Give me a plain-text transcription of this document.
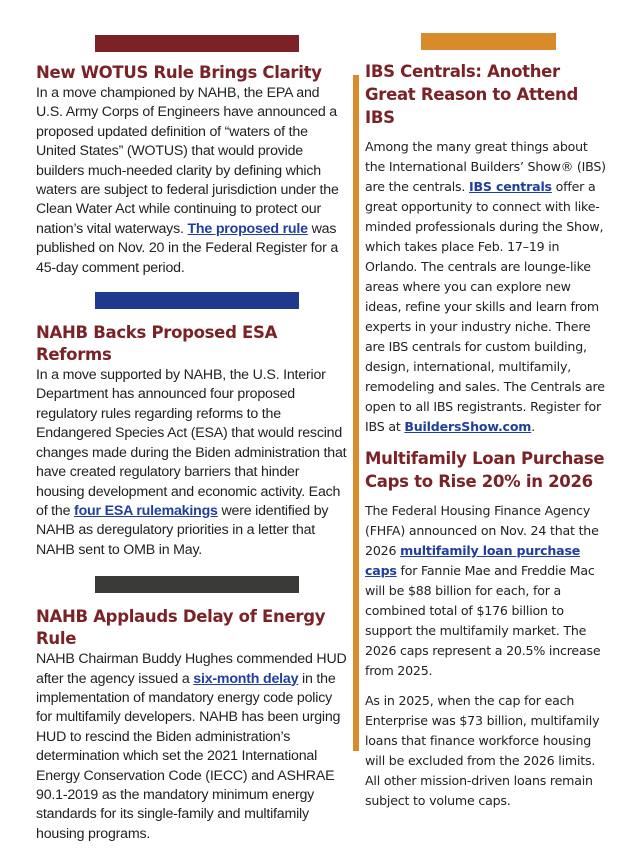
New WOTUS Rule Brings Clarity

In a move championed by NAHB, the EPA and U.S. Army Corps of Engineers have announced a proposed updated definition of “waters of the United States” (WOTUS) that would provide builders much-needed clarity by defining which waters are subject to federal jurisdiction under the Clean Water Act while continuing to protect our nation’s vital waterways. The proposed rule was published on Nov. 20 in the Federal Register for a 45-day comment period.

NAHB Backs Proposed ESA Reforms

In a move supported by NAHB, the U.S. Interior Department has announced four proposed regulatory rules regarding reforms to the Endangered Species Act (ESA) that would rescind changes made during the Biden administration that have created regulatory barriers that hinder housing development and economic activity. Each of the four ESA rulemakings were identified by NAHB as deregulatory priorities in a letter that NAHB sent to OMB in May.

NAHB Applauds Delay of Energy Rule

NAHB Chairman Buddy Hughes commended HUD after the agency issued a six-month delay in the implementation of mandatory energy code policy for multifamily developers. NAHB has been urging HUD to rescind the Biden administration’s determination which set the 2021 International Energy Conservation Code (IECC) and ASHRAE 90.1-2019 as the mandatory minimum energy standards for its single-family and multifamily housing programs.

IBS Centrals: Another Great Reason to Attend IBS

Among the many great things about the International Builders’ Show® (IBS) are the centrals. IBS centrals offer a great opportunity to connect with like-minded professionals during the Show, which takes place Feb. 17–19 in Orlando. The centrals are lounge-like areas where you can explore new ideas, refine your skills and learn from experts in your industry niche. There are IBS centrals for custom building, design, international, multifamily, remodeling and sales. The Centrals are open to all IBS registrants. Register for IBS at BuildersShow.com.

Multifamily Loan Purchase Caps to Rise 20% in 2026

The Federal Housing Finance Agency (FHFA) announced on Nov. 24 that the 2026 multifamily loan purchase caps for Fannie Mae and Freddie Mac will be $88 billion for each, for a combined total of $176 billion to support the multifamily market. The 2026 caps represent a 20.5% increase from 2025.

As in 2025, when the cap for each Enterprise was $73 billion, multifamily loans that finance workforce housing will be excluded from the 2026 limits. All other mission-driven loans remain subject to volume caps.
